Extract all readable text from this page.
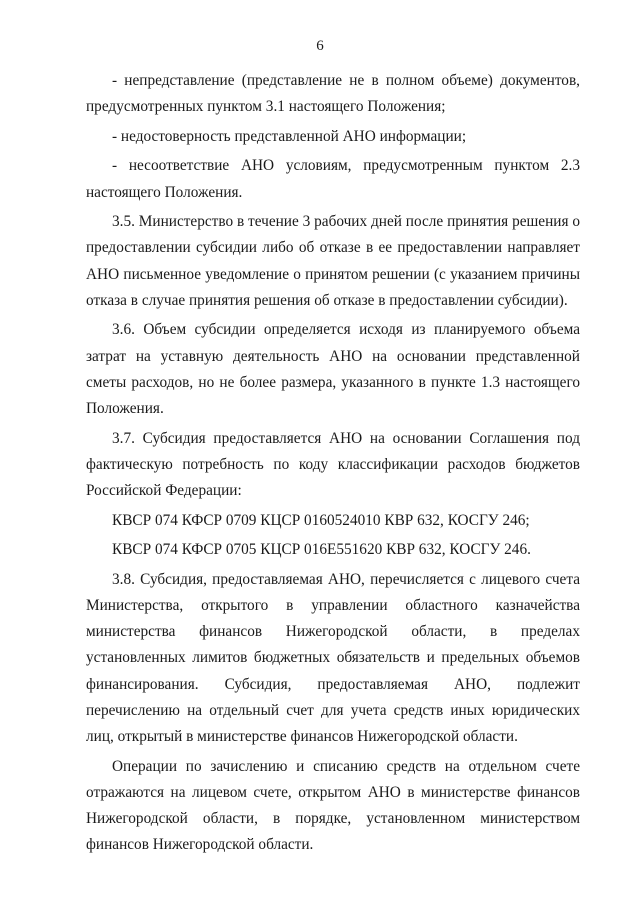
6

- непредставление (представление не в полном объеме) документов, предусмотренных пунктом 3.1 настоящего Положения;

- недостоверность представленной АНО информации;

- несоответствие АНО условиям, предусмотренным пунктом 2.3 настоящего Положения.

3.5. Министерство в течение 3 рабочих дней после принятия решения о предоставлении субсидии либо об отказе в ее предоставлении направляет АНО письменное уведомление о принятом решении (с указанием причины отказа в случае принятия решения об отказе в предоставлении субсидии).

3.6. Объем субсидии определяется исходя из планируемого объема затрат на уставную деятельность АНО на основании представленной сметы расходов, но не более размера, указанного в пункте 1.3 настоящего Положения.

3.7. Субсидия предоставляется АНО на основании Соглашения под фактическую потребность по коду классификации расходов бюджетов Российской Федерации:

КВСР 074 КФСР 0709 КЦСР 0160524010 КВР 632, КОСГУ 246;

КВСР 074 КФСР 0705 КЦСР 016Е551620 КВР 632, КОСГУ 246.

3.8. Субсидия, предоставляемая АНО, перечисляется с лицевого счета Министерства, открытого в управлении областного казначейства министерства финансов Нижегородской области, в пределах установленных лимитов бюджетных обязательств и предельных объемов финансирования. Субсидия, предоставляемая АНО, подлежит перечислению на отдельный счет для учета средств иных юридических лиц, открытый в министерстве финансов Нижегородской области.

Операции по зачислению и списанию средств на отдельном счете отражаются на лицевом счете, открытом АНО в министерстве финансов Нижегородской области, в порядке, установленном министерством финансов Нижегородской области.
